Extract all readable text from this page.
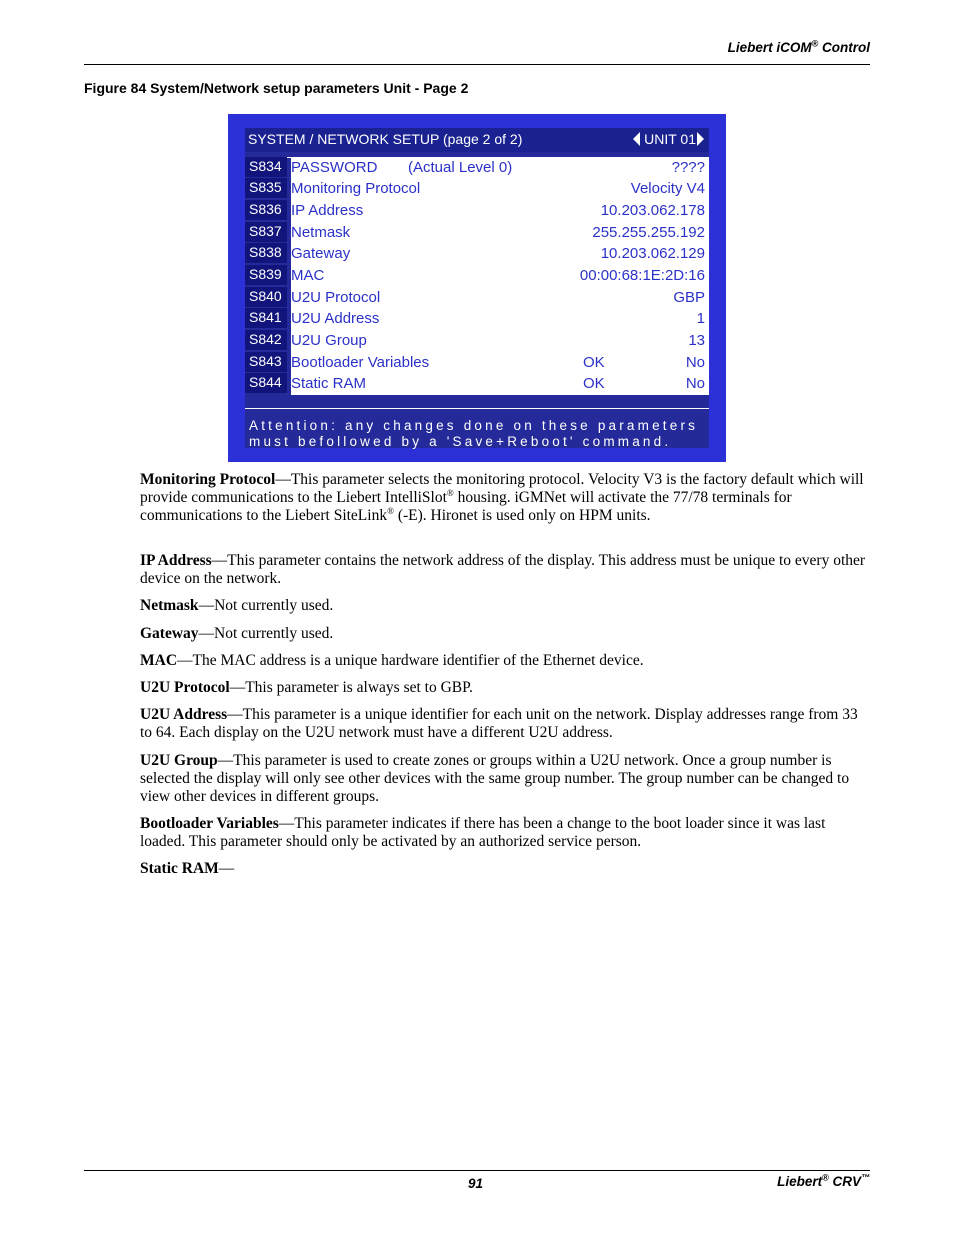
Liebert iCOM® Control
Figure 84 System/Network setup parameters Unit - Page 2
SYSTEM / NETWORK SETUP (page 2 of 2)	UNIT 01
S834 PASSWORD (Actual Level 0)	????
S835 Monitoring Protocol	Velocity V4
S836 IP Address	10.203.062.178
S837 Netmask	255.255.255.192
S838 Gateway	10.203.062.129
S839 MAC	00:00:68:1E:2D:16
S840 U2U Protocol	GBP
S841 U2U Address	1
S842 U2U Group	13
S843 Bootloader Variables	OK	No
S844 Static RAM	OK	No
Attention: any changes done on these parameters
must befollowed by a 'Save+Reboot' command.
Monitoring Protocol—This parameter selects the monitoring protocol. Velocity V3 is the factory default which will provide communications to the Liebert IntelliSlot® housing. iGMNet will activate the 77/78 terminals for communications to the Liebert SiteLink® (-E). Hironet is used only on HPM units.
IP Address—This parameter contains the network address of the display. This address must be unique to every other device on the network.
Netmask—Not currently used.
Gateway—Not currently used.
MAC—The MAC address is a unique hardware identifier of the Ethernet device.
U2U Protocol—This parameter is always set to GBP.
U2U Address—This parameter is a unique identifier for each unit on the network. Display addresses range from 33 to 64. Each display on the U2U network must have a different U2U address.
U2U Group—This parameter is used to create zones or groups within a U2U network. Once a group number is selected the display will only see other devices with the same group number. The group number can be changed to view other devices in different groups.
Bootloader Variables—This parameter indicates if there has been a change to the boot loader since it was last loaded. This parameter should only be activated by an authorized service person.
Static RAM—
91	Liebert® CRV™
